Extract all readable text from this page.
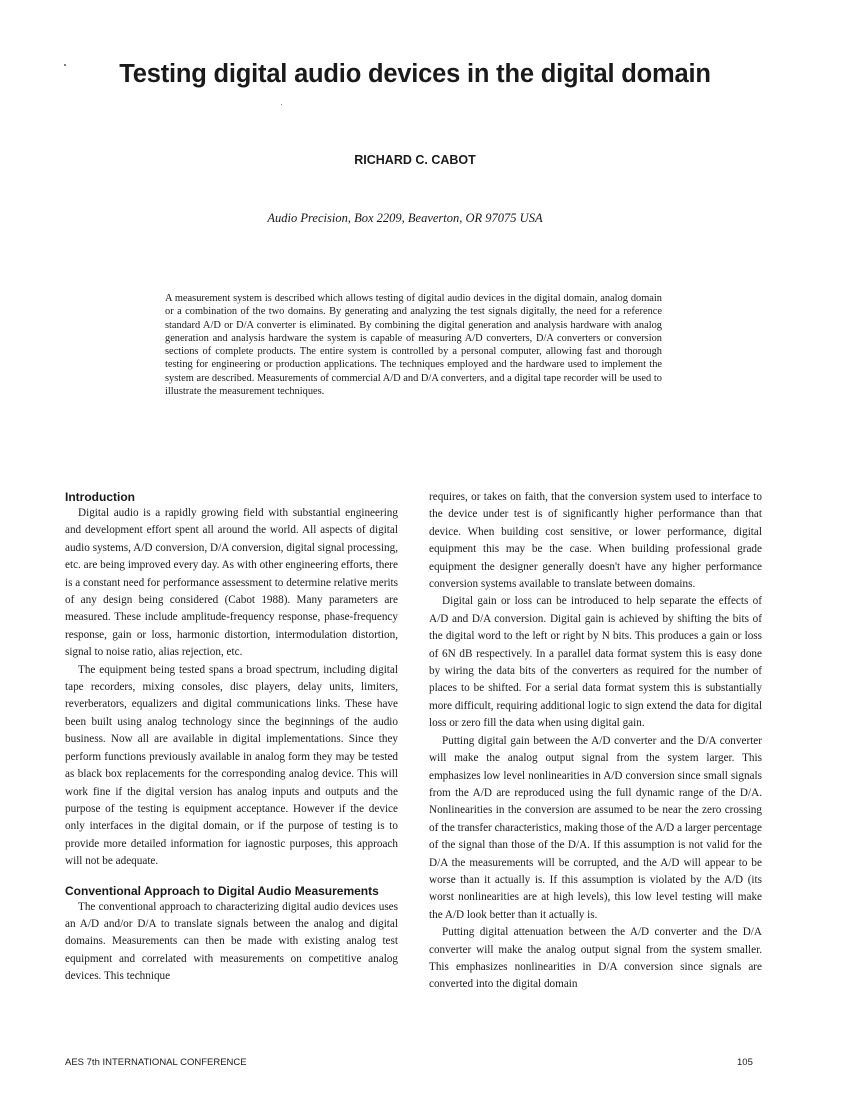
Testing digital audio devices in the digital domain
RICHARD C. CABOT
Audio Precision, Box 2209, Beaverton, OR 97075 USA
A measurement system is described which allows testing of digital audio devices in the digital domain, analog domain or a combination of the two domains. By generating and analyzing the test signals digitally, the need for a reference standard A/D or D/A converter is eliminated. By combining the digital generation and analysis hardware with analog generation and analysis hardware the system is capable of measuring A/D converters, D/A converters or conversion sections of complete products. The entire system is controlled by a personal computer, allowing fast and thorough testing for engineering or production applications. The techniques employed and the hardware used to implement the system are described. Measurements of commercial A/D and D/A converters, and a digital tape recorder will be used to illustrate the measurement techniques.
Introduction

Digital audio is a rapidly growing field with substantial engineering and development effort spent all around the world. All aspects of digital audio systems, A/D conversion, D/A conversion, digital signal processing, etc. are being improved every day. As with other engineering efforts, there is a constant need for performance assessment to determine relative merits of any design being considered (Cabot 1988). Many parameters are measured. These include amplitude-frequency response, phase-frequency response, gain or loss, harmonic distortion, intermodulation distortion, signal to noise ratio, alias rejection, etc.

The equipment being tested spans a broad spectrum, including digital tape recorders, mixing consoles, disc players, delay units, limiters, reverberators, equalizers and digital communications links. These have been built using analog technology since the beginnings of the audio business. Now all are available in digital implementations. Since they perform functions previously available in analog form they may be tested as black box replacements for the corresponding analog device. This will work fine if the digital version has analog inputs and outputs and the purpose of the testing is equipment acceptance. However if the device only interfaces in the digital domain, or if the purpose of testing is to provide more detailed information for iagnostic purposes, this approach will not be adequate.

Conventional Approach to Digital Audio Measurements

The conventional approach to characterizing digital audio devices uses an A/D and/or D/A to translate signals between the analog and digital domains. Measurements can then be made with existing analog test equipment and correlated with measurements on competitive analog devices. This technique

requires, or takes on faith, that the conversion system used to interface to the device under test is of significantly higher performance than that device. When building cost sensitive, or lower performance, digital equipment this may be the case. When building professional grade equipment the designer generally doesn't have any higher performance conversion systems available to translate between domains.

Digital gain or loss can be introduced to help separate the effects of A/D and D/A conversion. Digital gain is achieved by shifting the bits of the digital word to the left or right by N bits. This produces a gain or loss of 6N dB respectively. In a parallel data format system this is easy done by wiring the data bits of the converters as required for the number of places to be shifted. For a serial data format system this is substantially more difficult, requiring additional logic to sign extend the data for digital loss or zero fill the data when using digital gain.

Putting digital gain between the A/D converter and the D/A converter will make the analog output signal from the system larger. This emphasizes low level nonlinearities in A/D conversion since small signals from the A/D are reproduced using the full dynamic range of the D/A. Nonlinearities in the conversion are assumed to be near the zero crossing of the transfer characteristics, making those of the A/D a larger percentage of the signal than those of the D/A. If this assumption is not valid for the D/A the measurements will be corrupted, and the A/D will appear to be worse than it actually is. If this assumption is violated by the A/D (its worst nonlinearities are at high levels), this low level testing will make the A/D look better than it actually is.

Putting digital attenuation between the A/D converter and the D/A converter will make the analog output signal from the system smaller. This emphasizes nonlinearities in D/A conversion since signals are converted into the digital domain

AES 7th INTERNATIONAL CONFERENCE	105
